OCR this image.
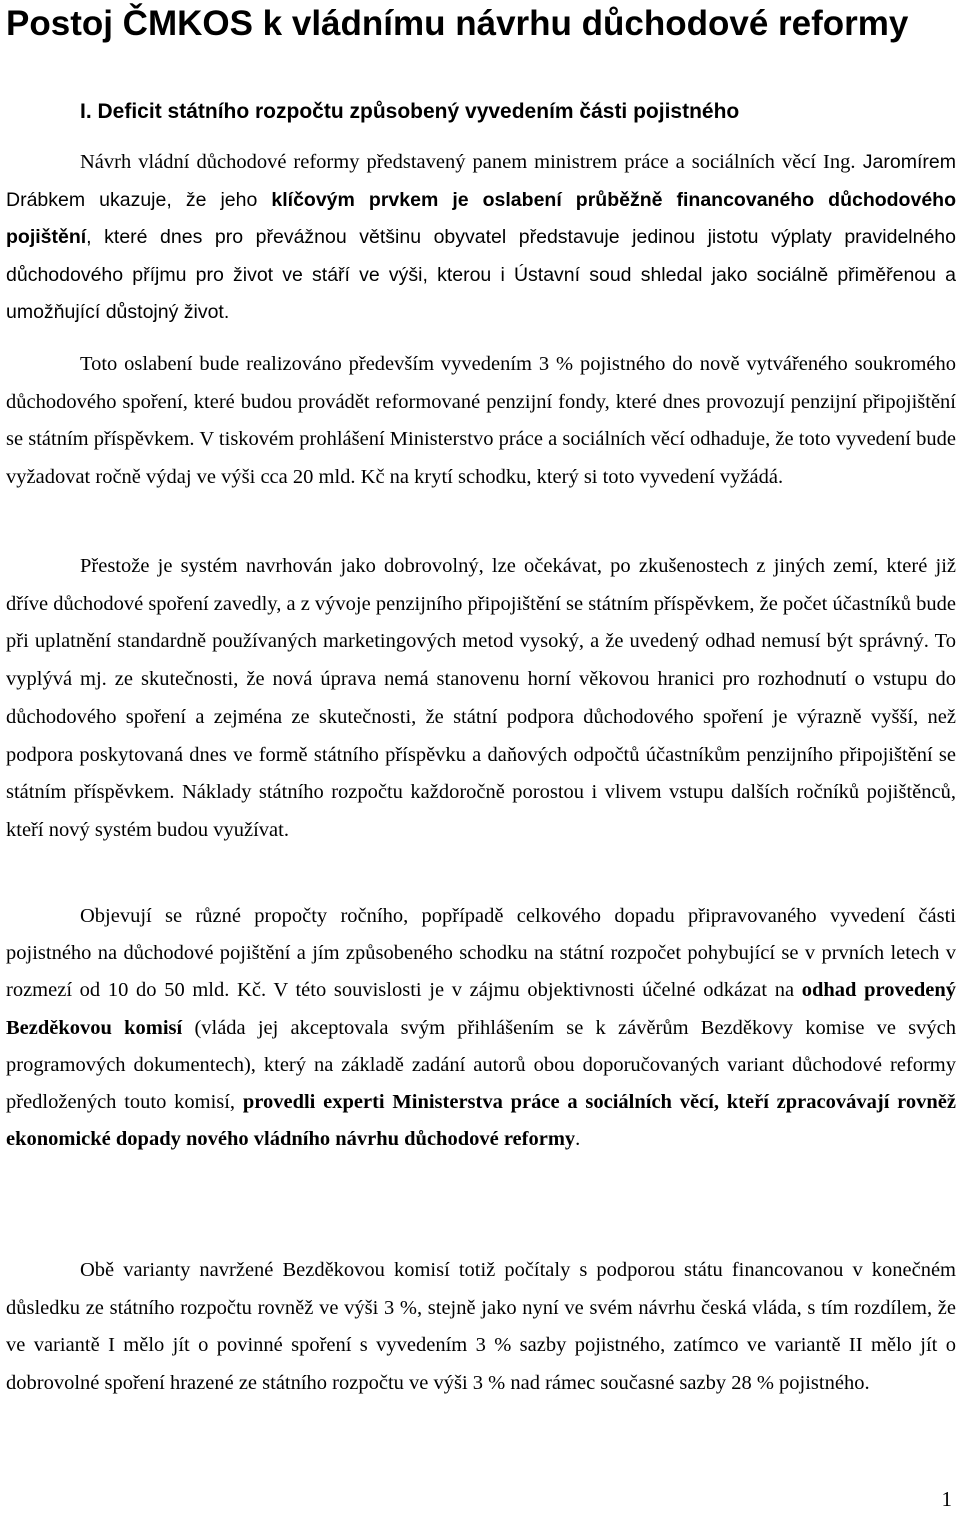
Postoj ČMKOS k vládnímu návrhu důchodové reformy
I. Deficit státního rozpočtu způsobený vyvedením části pojistného

Návrh vládní důchodové reformy představený panem ministrem práce a sociálních věcí Ing. Jaromírem Drábkem ukazuje, že jeho klíčovým prvkem je oslabení průběžně financovaného důchodového pojištění, které dnes pro převážnou většinu obyvatel představuje jedinou jistotu výplaty pravidelného důchodového příjmu pro život ve stáří ve výši, kterou i Ústavní soud shledal jako sociálně přiměřenou a umožňující důstojný život.

Toto oslabení bude realizováno především vyvedením 3 % pojistného do nově vytvářeného soukromého důchodového spoření, které budou provádět reformované penzijní fondy, které dnes provozují penzijní připojištění se státním příspěvkem. V tiskovém prohlášení Ministerstvo práce a sociálních věcí odhaduje, že toto vyvedení bude vyžadovat ročně výdaj ve výši cca 20 mld. Kč na krytí schodku, který si toto vyvedení vyžádá.

Přestože je systém navrhován jako dobrovolný, lze očekávat, po zkušenostech z jiných zemí, které již dříve důchodové spoření zavedly, a z vývoje penzijního připojištění se státním příspěvkem, že počet účastníků bude při uplatnění standardně používaných marketingových metod vysoký, a že uvedený odhad nemusí být správný. To vyplývá mj. ze skutečnosti, že nová úprava nemá stanovenu horní věkovou hranici pro rozhodnutí o vstupu do důchodového spoření a zejména ze skutečnosti, že státní podpora důchodového spoření je výrazně vyšší, než podpora poskytovaná dnes ve formě státního příspěvku a daňových odpočtů účastníkům penzijního připojištění se státním příspěvkem. Náklady státního rozpočtu každoročně porostou i vlivem vstupu dalších ročníků pojištěnců, kteří nový systém budou využívat.

Objevují se různé propočty ročního, popřípadě celkového dopadu připravovaného vyvedení části pojistného na důchodové pojištění a jím způsobeného schodku na státní rozpočet pohybující se v prvních letech v rozmezí od 10 do 50 mld. Kč. V této souvislosti je v zájmu objektivnosti účelné odkázat na odhad provedený Bezděkovou komisí (vláda jej akceptovala svým přihlášením se k závěrům Bezděkovy komise ve svých programových dokumentech), který na základě zadání autorů obou doporučovaných variant důchodové reformy předložených touto komisí, provedli experti Ministerstva práce a sociálních věcí, kteří zpracovávají rovněž ekonomické dopady nového vládního návrhu důchodové reformy.

Obě varianty navržené Bezděkovou komisí totiž počítaly s podporou státu financovanou v konečném důsledku ze státního rozpočtu rovněž ve výši 3 %, stejně jako nyní ve svém návrhu česká vláda, s tím rozdílem, že ve variantě I mělo jít o povinné spoření s vyvedením 3 % sazby pojistného, zatímco ve variantě II mělo jít o dobrovolné spoření hrazené ze státního rozpočtu ve výši 3 % nad rámec současné sazby 28 % pojistného.

1
